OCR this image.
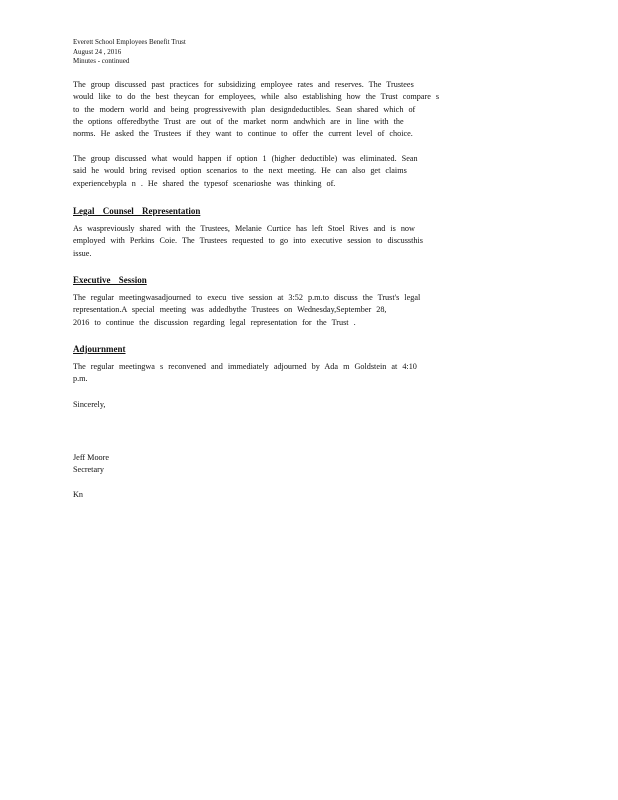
Everett School Employees Benefit Trust
August 24 , 2016
Minutes - continued

The group discussed past practices for subsidizing employee rates and reserves. The Trustees
would like to do the best theycan for employees, while also establishing how the Trust compare s
to the modern world and being progressivewith plan designdeductibles. Sean shared which of
the options offeredbythe Trust are out of the market norm andwhich are in line with the
norms. He asked the Trustees if they want to continue to offer the current level of choice.

The group discussed what would happen if option 1 (higher deductible) was eliminated. Sean
said he would bring revised option scenarios to the next meeting. He can also get claims
experiencebypla n . He shared the typesof scenarioshe was thinking of.

Legal Counsel Representation

As waspreviously shared with the Trustees, Melanie Curtice has left Stoel Rives and is now
employed with Perkins Coie. The Trustees requested to go into executive session to discussthis
issue.

Executive Session

The regular meetingwasadjourned to execu tive session at 3:52 p.m.to discuss the Trust's legal
representation.A special meeting was addedbythe Trustees on Wednesday,September 28,
2016 to continue the discussion regarding legal representation for the Trust .

Adjournment

The regular meetingwa s reconvened and immediately adjourned by Ada m Goldstein at 4:10
p.m.

Sincerely,
Jeff Moore
Secretary
Kn
